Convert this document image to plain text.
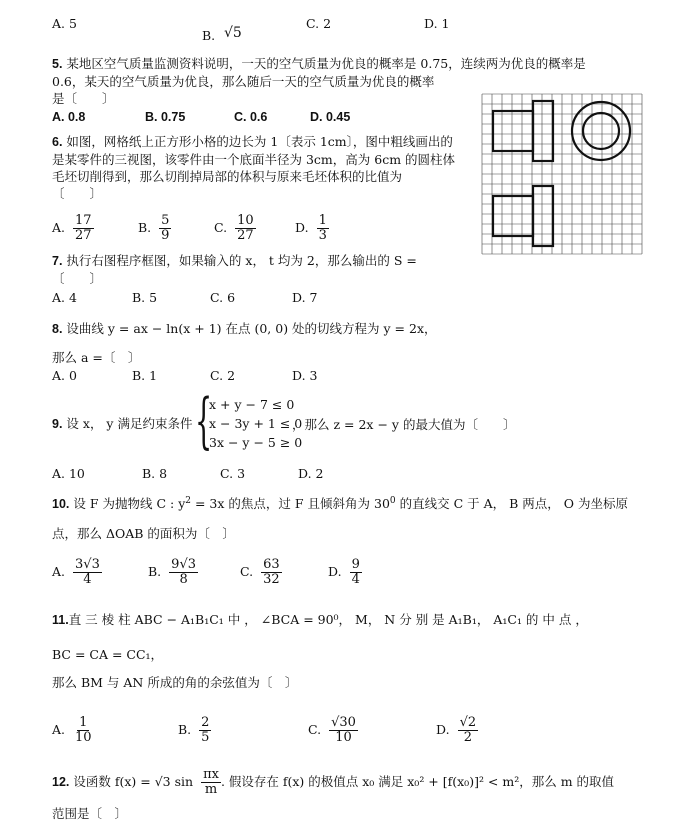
A. 5
B. √5
C. 2	D. 1
5. 某地区空气质量监测资料说明，一天的空气质量为优良的概率是 0.75，连续两为优良的概率是
0.6，某天的空气质量为优良，那么随后一天的空气质量为优良的概率
是〔　　〕
A. 0.8	B. 0.75	C. 0.6	D. 0.45
6. 如图，网格纸上正方形小格的边长为 1〔表示 1cm〕，图中粗线画出的
是某零件的三视图，该零件由一个底面半径为 3cm，高为 6cm 的圆柱体
毛坯切削得到，那么切削掉局部的体积与原来毛坯体积的比值为
〔　　〕
A. $\frac{17}{27}$	B. $\frac{5}{9}$	C. $\frac{10}{27}$	D. $\frac{1}{3}$
7. 执行右图程序框图，如果输入的 x， t 均为 2，那么输出的 S =
〔　　〕
A. 4	B. 5	C. 6	D. 7
8. 设曲线 y = ax − ln(x + 1) 在点 (0, 0) 处的切线方程为 y = 2x，
那么 a =〔　〕
A. 0	B. 1	C. 2	D. 3
9. 设 x， y 满足约束条件 {
x + y − 7 ≤ 0
x − 3y + 1 ≤ 0
3x − y − 5 ≥ 0
，那么 z = 2x − y 的最大值为〔　　〕
A. 10	B. 8	C. 3	D. 2
10. 设 F 为抛物线 C : $y^2 = 3x$ 的焦点，过 F 且倾斜角为 $30^0$ 的直线交 C 于 A， B 两点， O 为坐标原
点，那么 ΔOAB 的面积为〔　〕
A. $\frac{3√3}{4}$	B. $\frac{9√3}{8}$	C. $\frac{63}{32}$	D. $\frac{9}{4}$
11.直 三 棱 柱 ABC − A₁B₁C₁ 中 ， ∠BCA = 90⁰， M， N 分 别 是 A₁B₁， A₁C₁ 的 中 点 ，
BC = CA = CC₁，
那么 BM 与 AN 所成的角的余弦值为〔　〕
A. $\frac{1}{10}$	B. $\frac{2}{5}$	C. $\frac{√30}{10}$	D. $\frac{√2}{2}$
12. 设函数 f(x) = √3 $\sin \frac{\pi x}{m}$ . 假设存在 f(x) 的极值点 x₀ 满足 x₀² + [f(x₀)]² < m²，那么 m 的取值
范围是〔　〕
